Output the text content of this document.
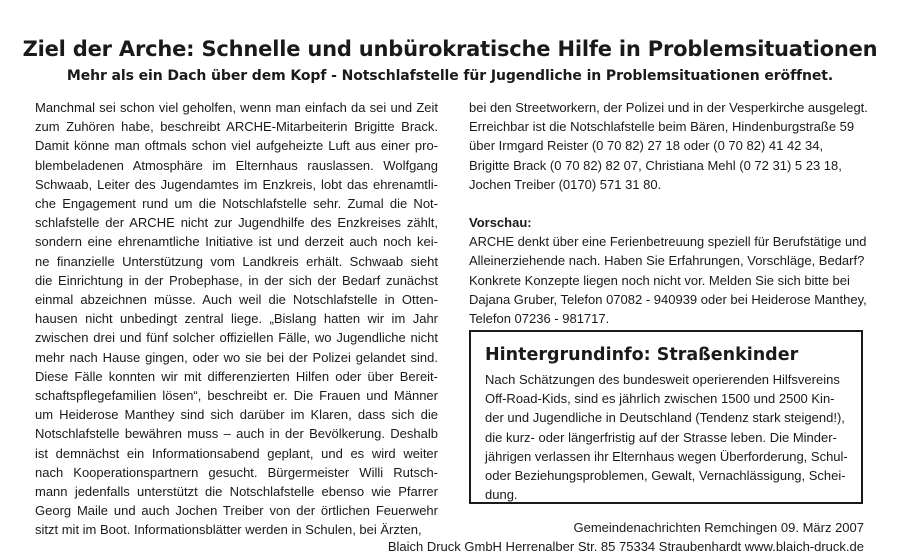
Ziel der Arche: Schnelle und unbürokratische Hilfe in Problemsituationen
Mehr als ein Dach über dem Kopf - Notschlafstelle für Jugendliche in Problemsituationen eröffnet.
Manchmal sei schon viel geholfen, wenn man einfach da sei und Zeit
zum Zuhören habe, beschreibt ARCHE-Mitarbeiterin Brigitte Brack.
Damit könne man oftmals schon viel aufgeheizte Luft aus einer pro-
blembeladenen Atmosphäre im Elternhaus rauslassen. Wolfgang
Schwaab, Leiter des Jugendamtes im Enzkreis, lobt das ehrenamtli-
che Engagement rund um die Notschlafstelle sehr. Zumal die Not-
schlafstelle der ARCHE nicht zur Jugendhilfe des Enzkreises zählt,
sondern eine ehrenamtliche Initiative ist und derzeit auch noch kei-
ne finanzielle Unterstützung vom Landkreis erhält. Schwaab sieht
die Einrichtung in der Probephase, in der sich der Bedarf zunächst
einmal abzeichnen müsse. Auch weil die Notschlafstelle in Otten-
hausen nicht unbedingt zentral liege. „Bislang hatten wir im Jahr
zwischen drei und fünf solcher offiziellen Fälle, wo Jugendliche nicht
mehr nach Hause gingen, oder wo sie bei der Polizei gelandet sind.
Diese Fälle konnten wir mit differenzierten Hilfen oder über Bereit-
schaftspflegefamilien lösen“, beschreibt er. Die Frauen und Männer
um Heiderose Manthey sind sich darüber im Klaren, dass sich die
Notschlafstelle bewähren muss – auch in der Bevölkerung. Deshalb
ist demnächst ein Informationsabend geplant, und es wird weiter
nach Kooperationspartnern gesucht. Bürgermeister Willi Rutsch-
mann jedenfalls unterstützt die Notschlafstelle ebenso wie Pfarrer
Georg Maile und auch Jochen Treiber von der örtlichen Feuerwehr
sitzt mit im Boot. Informationsblätter werden in Schulen, bei Ärzten,
bei den Streetworkern, der Polizei und in der Vesperkirche ausgelegt.
Erreichbar ist die Notschlafstelle beim Bären, Hindenburgstraße 59
über Irmgard Reister (0 70 82) 27 18 oder (0 70 82) 41 42 34,
Brigitte Brack (0 70 82) 82 07, Christiana Mehl (0 72 31) 5 23 18,
Jochen Treiber (0170) 571 31 80.
Vorschau:
ARCHE denkt über eine Ferienbetreuung speziell für Berufstätige und
Alleinerziehende nach. Haben Sie Erfahrungen, Vorschläge, Bedarf?
Konkrete Konzepte liegen noch nicht vor. Melden Sie sich bitte bei
Dajana Gruber, Telefon 07082 - 940939 oder bei Heiderose Manthey,
Telefon 07236 - 981717.
Hintergrundinfo: Straßenkinder
Nach Schätzungen des bundesweit operierenden Hilfsvereins
Off-Road-Kids, sind es jährlich zwischen 1500 und 2500 Kin-
der und Jugendliche in Deutschland (Tendenz stark steigend!),
die kurz- oder längerfristig auf der Strasse leben. Die Minder-
jährigen verlassen ihr Elternhaus wegen Überforderung, Schul-
oder Beziehungsproblemen, Gewalt, Vernachlässigung, Schei-
dung.
Gemeindenachrichten Remchingen 09. März 2007
Blaich Druck GmbH Herrenalber Str. 85 75334 Straubenhardt www.blaich-druck.de
